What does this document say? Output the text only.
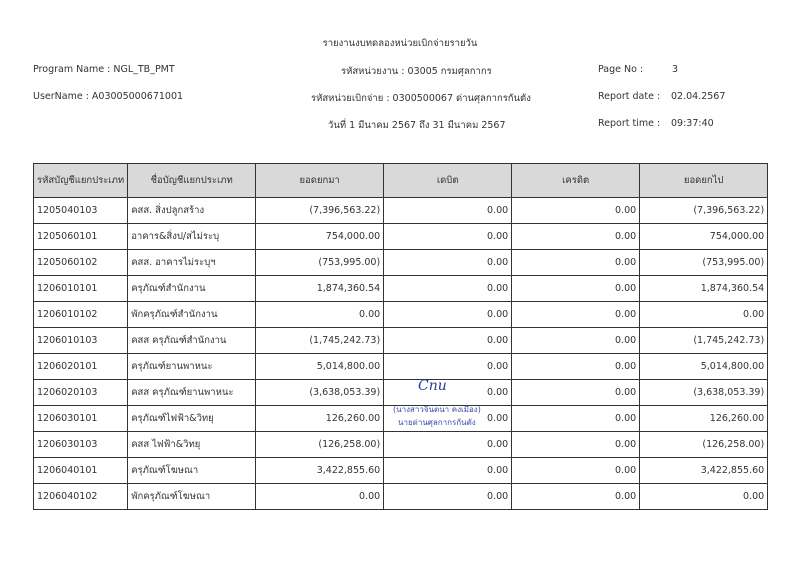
รายงานงบทดลองหน่วยเบิกจ่ายรายวัน
Program Name : NGL_TB_PMT
UserName : A03005000671001
รหัสหน่วยงาน : 03005 กรมศุลกากร
รหัสหน่วยเบิกจ่าย : 0300500067 ด่านศุลกากรกันตัง
วันที่ 1 มีนาคม 2567 ถึง 31 มีนาคม 2567
Page No :	3
Report date : 02.04.2567
Report time : 09:37:40
รหัสบัญชีแยกประเภท	ชื่อบัญชีแยกประเภท	ยอดยกมา	เดบิต	เครดิต	ยอดยกไป
1205040103	คสส. สิ่งปลูกสร้าง	(7,396,563.22)	0.00	0.00	(7,396,563.22)
1205060101	อาคาร&สิ่งป/สไม่ระบุ	754,000.00	0.00	0.00	754,000.00
1205060102	คสส. อาคารไม่ระบุฯ	(753,995.00)	0.00	0.00	(753,995.00)
1206010101	ครุภัณฑ์สำนักงาน	1,874,360.54	0.00	0.00	1,874,360.54
1206010102	พักครุภัณฑ์สำนักงาน	0.00	0.00	0.00	0.00
1206010103	คสส ครุภัณฑ์สำนักงาน	(1,745,242.73)	0.00	0.00	(1,745,242.73)
1206020101	ครุภัณฑ์ยานพาหนะ	5,014,800.00	0.00	0.00	5,014,800.00
1206020103	คสส ครุภัณฑ์ยานพาหนะ	(3,638,053.39)	0.00	0.00	(3,638,053.39)
1206030101	ครุภัณฑ์ไฟฟ้า&วิทยุ	126,260.00	0.00	0.00	126,260.00
1206030103	คสส ไฟฟ้า&วิทยุ	(126,258.00)	0.00	0.00	(126,258.00)
1206040101	ครุภัณฑ์โฆษณา	3,422,855.60	0.00	0.00	3,422,855.60
1206040102	พักครุภัณฑ์โฆษณา	0.00	0.00	0.00	0.00
Cnu
(นางสาวจินตนา คงเมือง)
นายด่านศุลกากรกันตัง
